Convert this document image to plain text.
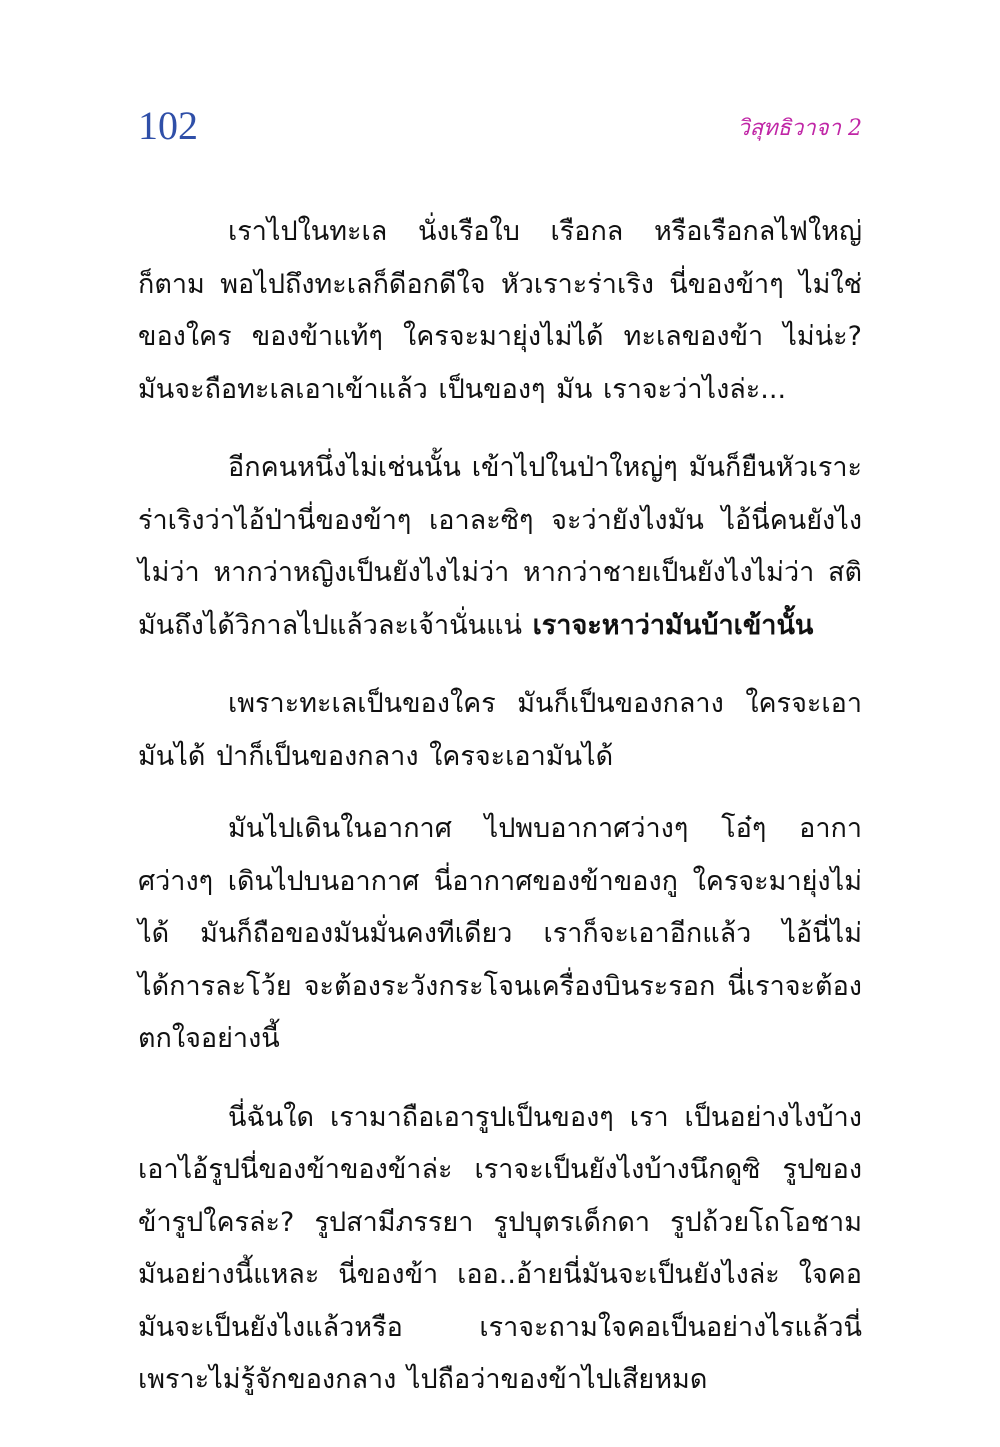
102	วิสุทธิวาจา 2

เราไปในทะเล นั่งเรือใบ เรือกล หรือเรือกลไฟใหญ่ก็ตาม พอไปถึงทะเลก็ดีอกดีใจ หัวเราะร่าเริง นี่ของข้าๆ ไม่ใช่ของใคร ของข้าแท้ๆ ใครจะมายุ่งไม่ได้ ทะเลของข้า ไม่น่ะ? มันจะถือทะเลเอาเข้าแล้ว เป็นของๆ มัน เราจะว่าไงล่ะ...

อีกคนหนึ่งไม่เช่นนั้น เข้าไปในป่าใหญ่ๆ มันก็ยืนหัวเราะร่าเริงว่าไอ้ป่านี่ของข้าๆ เอาละซิๆ จะว่ายังไงมัน ไอ้นี่คนยังไงไม่ว่า หากว่าหญิงเป็นยังไงไม่ว่า หากว่าชายเป็นยังไงไม่ว่า สติมันถึงได้วิกาลไปแล้วละเจ้านั่นแน่ เราจะหาว่ามันบ้าเข้านั้น

เพราะทะเลเป็นของใคร มันก็เป็นของกลาง ใครจะเอามันได้ ป่าก็เป็นของกลาง ใครจะเอามันได้

มันไปเดินในอากาศ ไปพบอากาศว่างๆ โอ๋ๆ อากาศว่างๆ เดินไปบนอากาศ นี่อากาศของข้าของกู ใครจะมายุ่งไม่ได้ มันก็ถือของมันมั่นคงทีเดียว เราก็จะเอาอีกแล้ว ไอ้นี่ไม่ได้การละโว้ย จะต้องระวังกระโจนเครื่องบินระรอก นี่เราจะต้องตกใจอย่างนี้

นี่ฉันใด เรามาถือเอารูปเป็นของๆ เรา เป็นอย่างไงบ้าง เอาไอ้รูปนี่ของข้าของข้าล่ะ เราจะเป็นยังไงบ้างนึกดูซิ รูปของข้ารูปใครล่ะ? รูปสามีภรรยา รูปบุตรเด็กดา รูปถ้วยโถโอชาม มันอย่างนี้แหละ นี่ของข้า เออ..อ้ายนี่มันจะเป็นยังไงล่ะ ใจคอมันจะเป็นยังไงแล้วหรือ เราจะถามใจคอเป็นอย่างไรแล้วนี่ เพราะไม่รู้จักของกลาง ไปถือว่าของข้าไปเสียหมด
